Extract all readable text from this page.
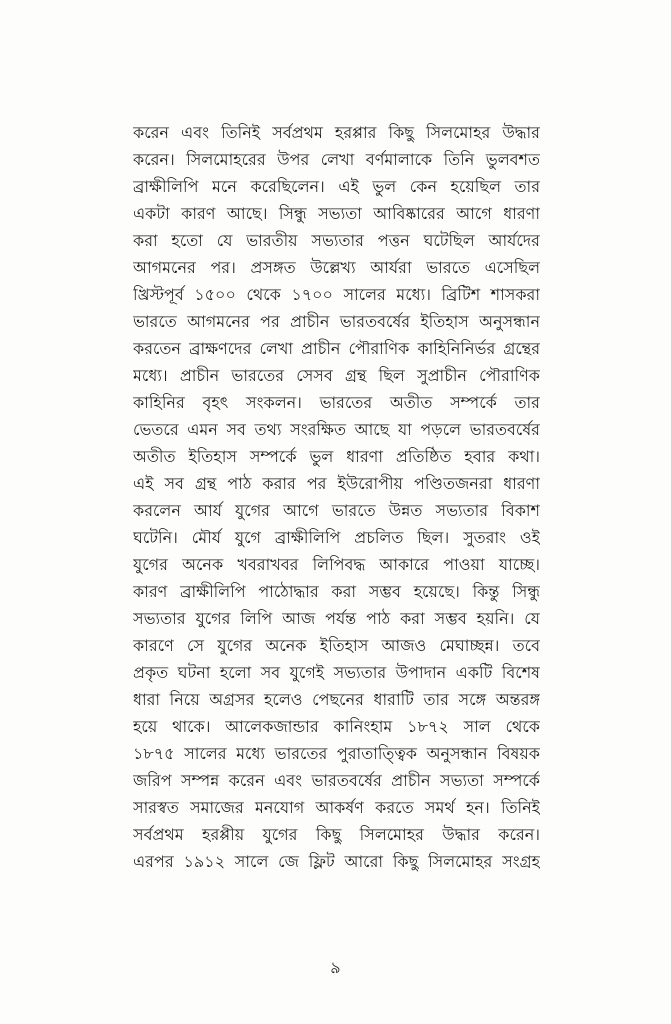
করেন এবং তিনিই সর্বপ্রথম হরপ্পার কিছু সিলমোহর উদ্ধার
করেন। সিলমোহরের উপর লেখা বর্ণমালাকে তিনি ভুলবশত
ব্রাক্ষীলিপি মনে করেছিলেন। এই ভুল কেন হয়েছিল তার
একটা কারণ আছে। সিন্ধু সভ্যতা আবিষ্কারের আগে ধারণা
করা হতো যে ভারতীয় সভ্যতার পত্তন ঘটেছিল আর্যদের
আগমনের পর। প্রসঙ্গত উল্লেখ্য আর্যরা ভারতে এসেছিল
খ্রিস্টপূর্ব ১৫০০ থেকে ১৭০০ সালের মধ্যে। ব্রিটিশ শাসকরা
ভারতে আগমনের পর প্রাচীন ভারতবর্ষের ইতিহাস অনুসন্ধান
করতেন ব্রাক্ষণদের লেখা প্রাচীন পৌরাণিক কাহিনিনির্ভর গ্রন্থের
মধ্যে। প্রাচীন ভারতের সেসব গ্রন্থ ছিল সুপ্রাচীন পৌরাণিক
কাহিনির বৃহৎ সংকলন। ভারতের অতীত সম্পর্কে তার
ভেতরে এমন সব তথ্য সংরক্ষিত আছে যা পড়লে ভারতবর্ষের
অতীত ইতিহাস সম্পর্কে ভুল ধারণা প্রতিষ্ঠিত হবার কথা।
এই সব গ্রন্থ পাঠ করার পর ইউরোপীয় পণ্ডিতজনরা ধারণা
করলেন আর্য যুগের আগে ভারতে উন্নত সভ্যতার বিকাশ
ঘটেনি। মৌর্য যুগে ব্রাক্ষীলিপি প্রচলিত ছিল। সুতরাং ওই
যুগের অনেক খবরাখবর লিপিবদ্ধ আকারে পাওয়া যাচ্ছে।
কারণ ব্রাক্ষীলিপি পাঠোদ্ধার করা সম্ভব হয়েছে। কিন্তু সিন্ধু
সভ্যতার যুগের লিপি আজ পর্যন্ত পাঠ করা সম্ভব হয়নি। যে
কারণে সে যুগের অনেক ইতিহাস আজও মেঘাচ্ছন্ন। তবে
প্রকৃত ঘটনা হলো সব যুগেই সভ্যতার উপাদান একটি বিশেষ
ধারা নিয়ে অগ্রসর হলেও পেছনের ধারাটি তার সঙ্গে অন্তরঙ্গ
হয়ে থাকে। আলেকজান্ডার কানিংহাম ১৮৭২ সাল থেকে
১৮৭৫ সালের মধ্যে ভারতের পুরাতাত্ত্বিক অনুসন্ধান বিষয়ক
জরিপ সম্পন্ন করেন এবং ভারতবর্ষের প্রাচীন সভ্যতা সম্পর্কে
সারস্বত সমাজের মনযোগ আকর্ষণ করতে সমর্থ হন। তিনিই
সর্বপ্রথম হরপ্পীয় যুগের কিছু সিলমোহর উদ্ধার করেন।
এরপর ১৯১২ সালে জে ফ্লিট আরো কিছু সিলমোহর সংগ্রহ
৯
